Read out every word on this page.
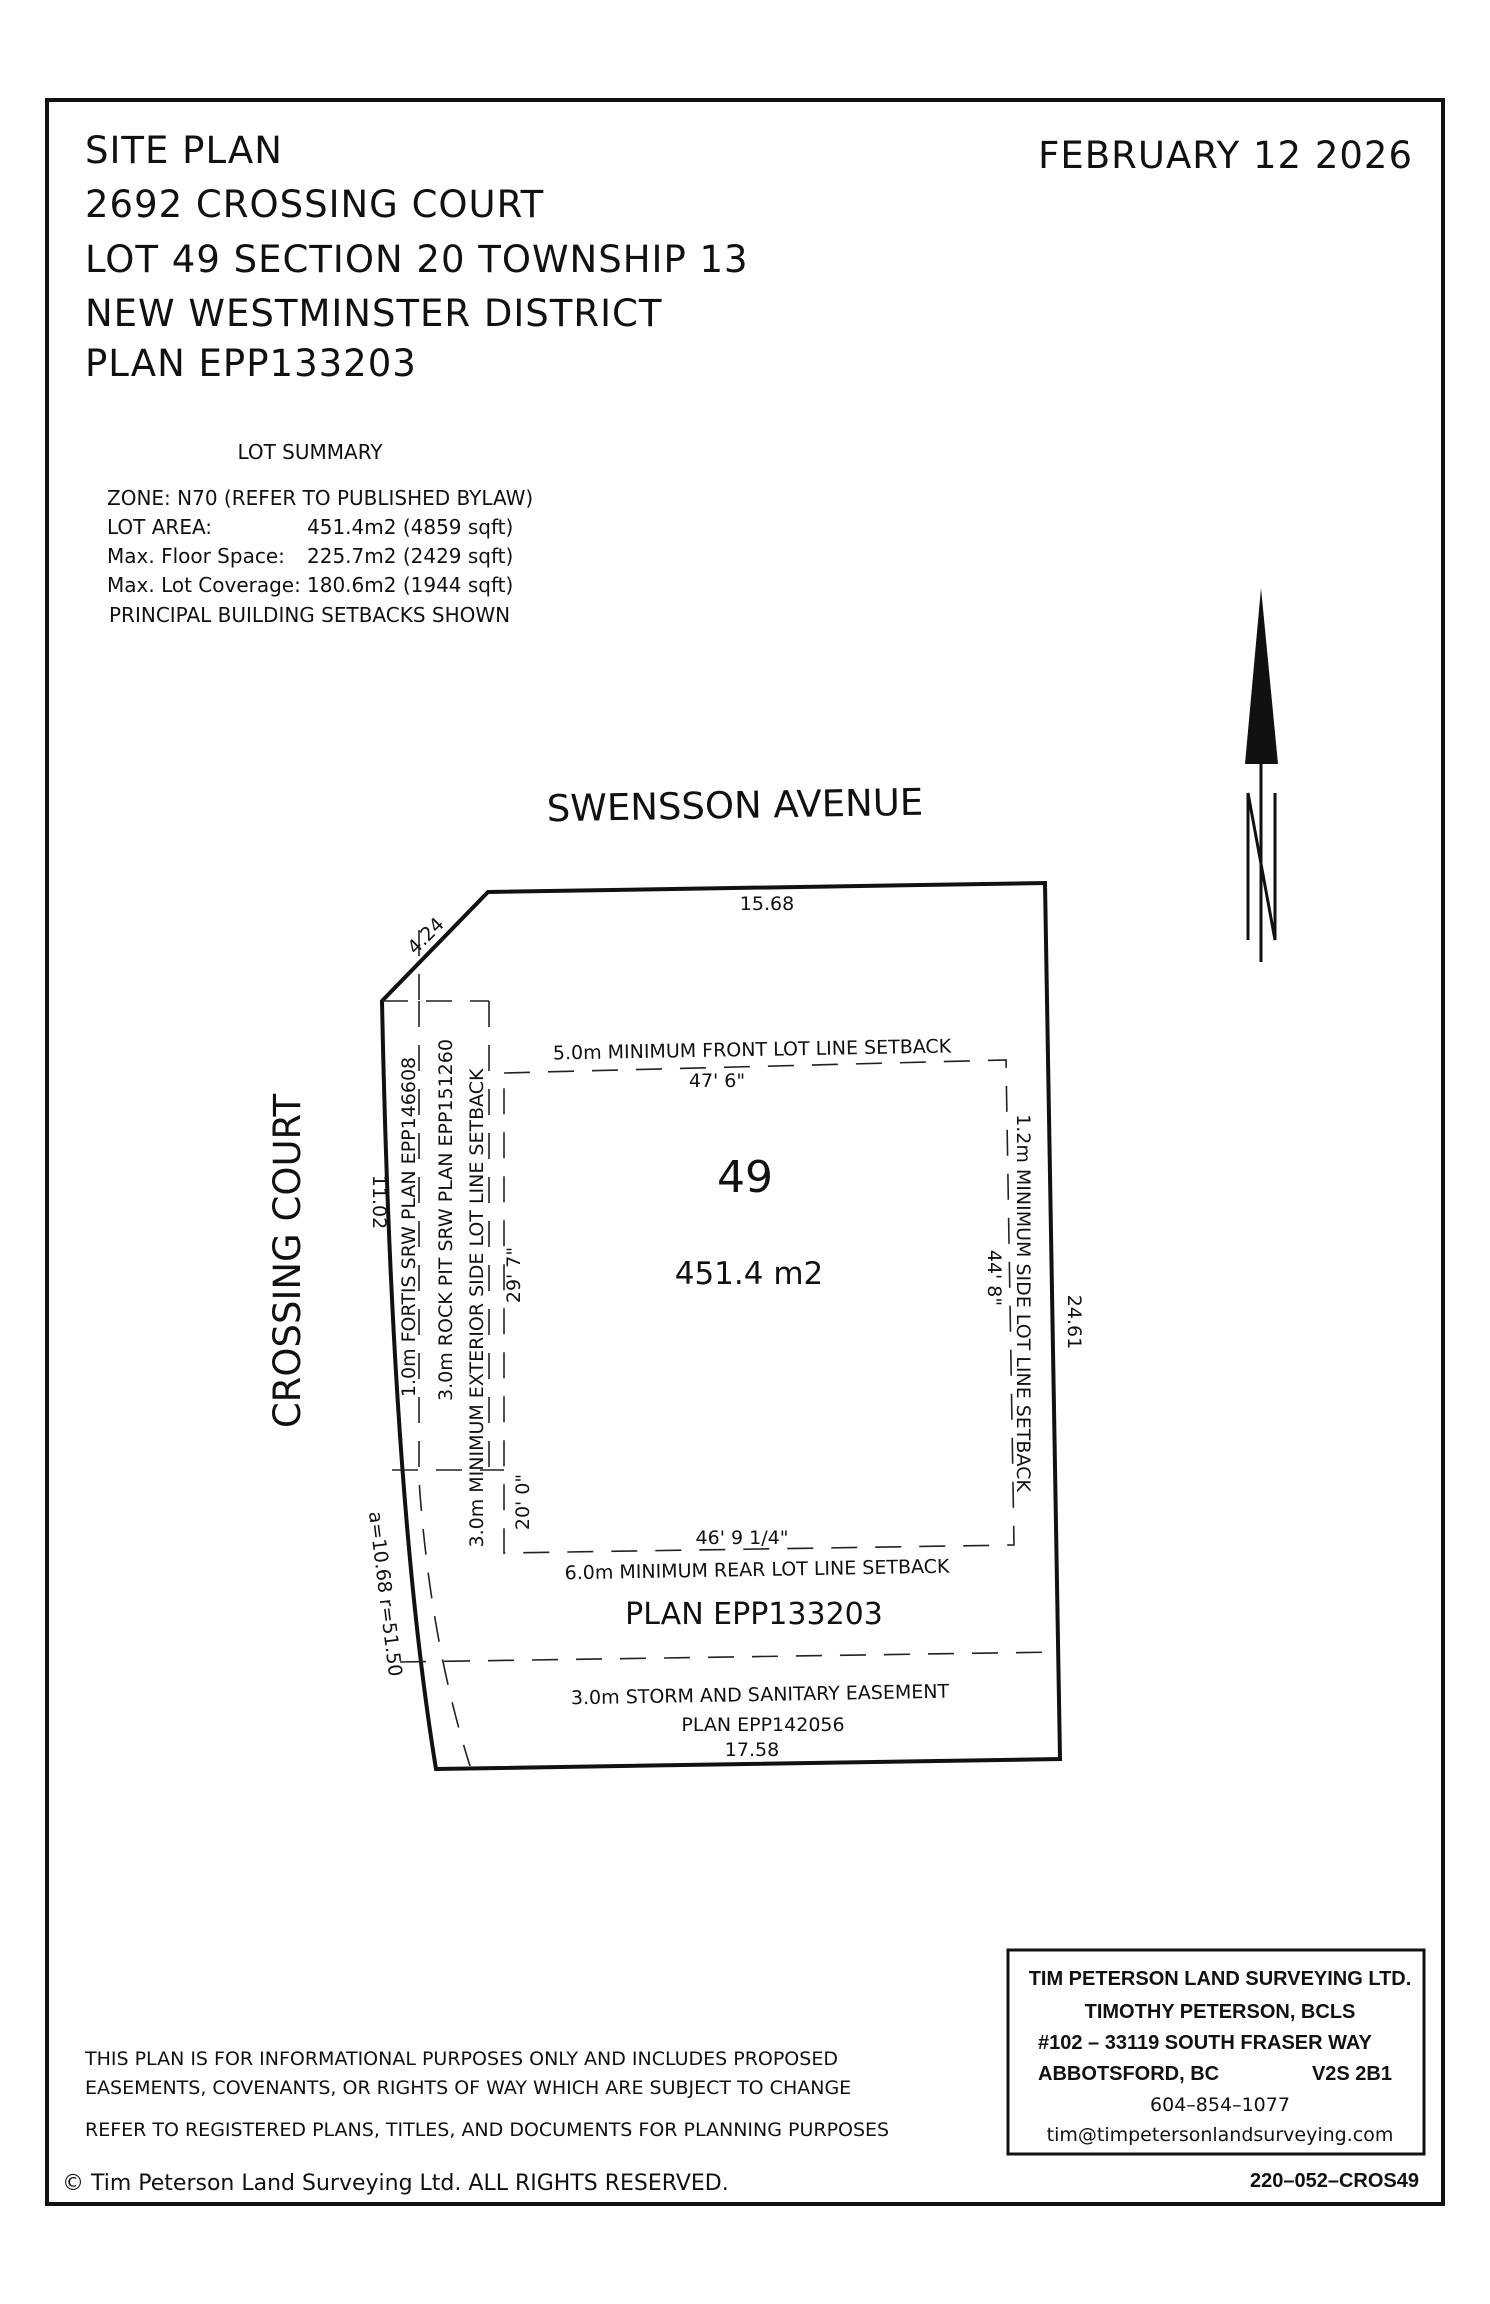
SITE PLAN
2692 CROSSING COURT
LOT 49 SECTION 20 TOWNSHIP 13
NEW WESTMINSTER DISTRICT
PLAN EPP133203
FEBRUARY 12 2026
LOT SUMMARY
ZONE: N70 (REFER TO PUBLISHED BYLAW)
LOT AREA:	451.4m2 (4859 sqft)
Max. Floor Space: 225.7m2 (2429 sqft)
Max. Lot Coverage: 180.6m2 (1944 sqft)
PRINCIPAL BUILDING SETBACKS SHOWN
SWENSSON AVENUE
CROSSING COURT
15.68
4.24
11.02
24.61
a=10.68 r=51.50
17.58
49
451.4 m2
PLAN EPP133203
5.0m MINIMUM FRONT LOT LINE SETBACK
47' 6"
1.2m MINIMUM SIDE LOT LINE SETBACK
44' 8"
3.0m MINIMUM EXTERIOR SIDE LOT LINE SETBACK 29' 7"
20' 0"
46' 9 1/4"
6.0m MINIMUM REAR LOT LINE SETBACK
1.0m FORTIS SRW PLAN EPP146608 3.0m ROCK PIT SRW PLAN EPP151260
3.0m STORM AND SANITARY EASEMENT
PLAN EPP142056
THIS PLAN IS FOR INFORMATIONAL PURPOSES ONLY AND INCLUDES PROPOSED
EASEMENTS, COVENANTS, OR RIGHTS OF WAY WHICH ARE SUBJECT TO CHANGE
REFER TO REGISTERED PLANS, TITLES, AND DOCUMENTS FOR PLANNING PURPOSES
© Tim Peterson Land Surveying Ltd. ALL RIGHTS RESERVED.
TIM PETERSON LAND SURVEYING LTD.
TIMOTHY PETERSON, BCLS
#102 – 33119 SOUTH FRASER WAY
ABBOTSFORD, BC	V2S 2B1
604–854–1077
tim@timpetersonlandsurveying.com
220–052–CROS49
